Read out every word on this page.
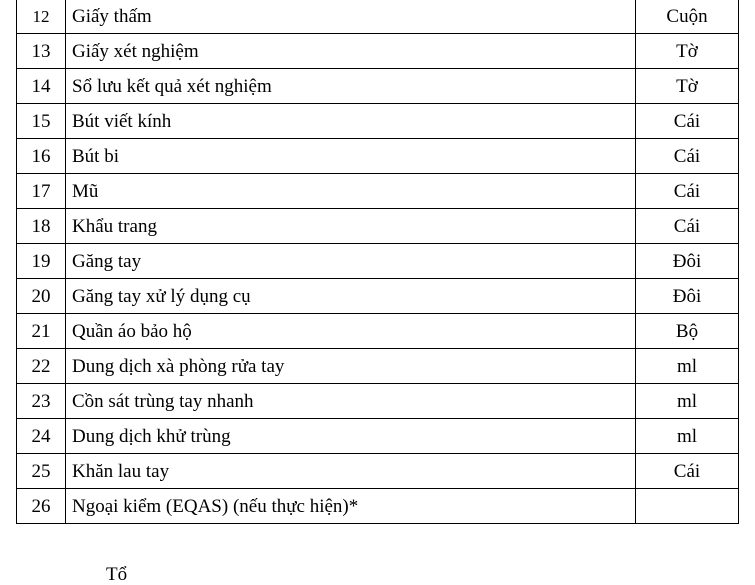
12	Giấy thấm	Cuộn
13	Giấy xét nghiệm	Tờ
14	Sổ lưu kết quả xét nghiệm	Tờ
15	Bút viết kính	Cái
16	Bút bi	Cái
17	Mũ	Cái
18	Khẩu trang	Cái
19	Găng tay	Đôi
20	Găng tay xử lý dụng cụ	Đôi
21	Quần áo bảo hộ	Bộ
22	Dung dịch xà phòng rửa tay	ml
23	Cồn sát trùng tay nhanh	ml
24	Dung dịch khử trùng	ml
25	Khăn lau tay	Cái
26	Ngoại kiểm (EQAS) (nếu thực hiện)*	
Tổ
